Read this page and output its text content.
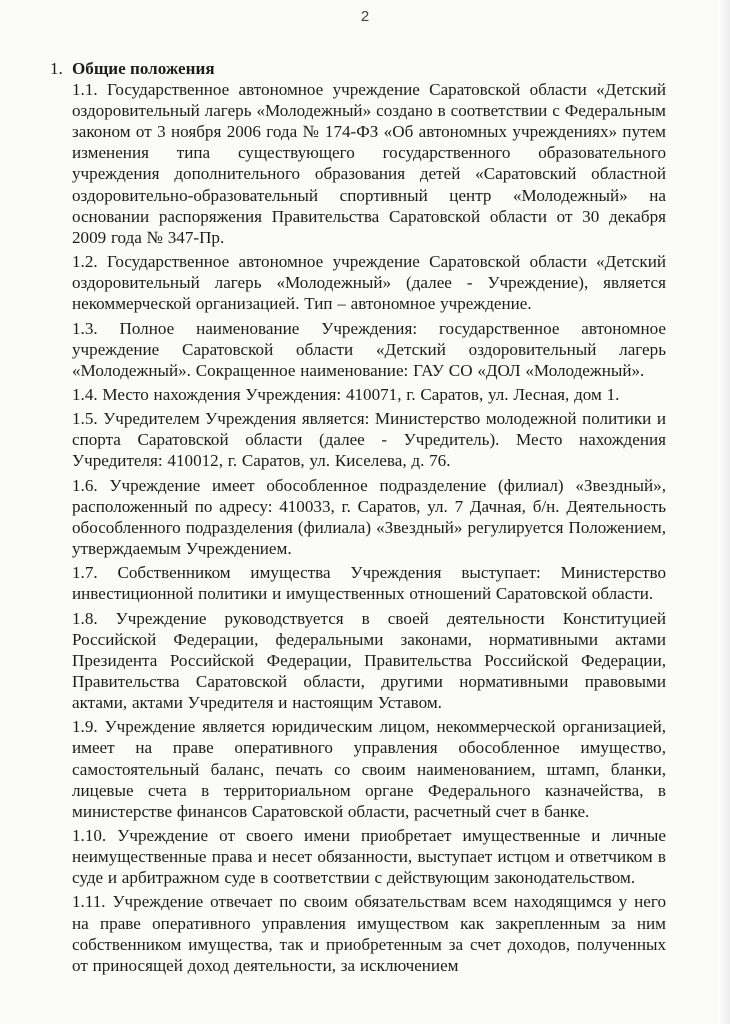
2
1. Общие положения

1.1. Государственное автономное учреждение Саратовской области «Детский оздоровительный лагерь «Молодежный» создано в соответствии с Федеральным законом от 3 ноября 2006 года № 174-ФЗ «Об автономных учреждениях» путем изменения типа существующего государственного образовательного учреждения дополнительного образования детей «Саратовский областной оздоровительно-образовательный спортивный центр «Молодежный» на основании распоряжения Правительства Саратовской области от 30 декабря 2009 года № 347-Пр.

1.2. Государственное автономное учреждение Саратовской области «Детский оздоровительный лагерь «Молодежный» (далее - Учреждение), является некоммерческой организацией. Тип – автономное учреждение.

1.3. Полное наименование Учреждения: государственное автономное учреждение Саратовской области «Детский оздоровительный лагерь «Молодежный». Сокращенное наименование: ГАУ СО «ДОЛ «Молодежный».

1.4. Место нахождения Учреждения: 410071, г. Саратов, ул. Лесная, дом 1.

1.5. Учредителем Учреждения является: Министерство молодежной политики и спорта Саратовской области (далее - Учредитель). Место нахождения Учредителя: 410012, г. Саратов, ул. Киселева, д. 76.

1.6. Учреждение имеет обособленное подразделение (филиал) «Звездный», расположенный по адресу: 410033, г. Саратов, ул. 7 Дачная, б/н. Деятельность обособленного подразделения (филиала) «Звездный» регулируется Положением, утверждаемым Учреждением.

1.7. Собственником имущества Учреждения выступает: Министерство инвестиционной политики и имущественных отношений Саратовской области.

1.8. Учреждение руководствуется в своей деятельности Конституцией Российской Федерации, федеральными законами, нормативными актами Президента Российской Федерации, Правительства Российской Федерации, Правительства Саратовской области, другими нормативными правовыми актами, актами Учредителя и настоящим Уставом.

1.9. Учреждение является юридическим лицом, некоммерческой организацией, имеет на праве оперативного управления обособленное имущество, самостоятельный баланс, печать со своим наименованием, штамп, бланки, лицевые счета в территориальном органе Федерального казначейства, в министерстве финансов Саратовской области, расчетный счет в банке.

1.10. Учреждение от своего имени приобретает имущественные и личные неимущественные права и несет обязанности, выступает истцом и ответчиком в суде и арбитражном суде в соответствии с действующим законодательством.

1.11. Учреждение отвечает по своим обязательствам всем находящимся у него на праве оперативного управления имуществом как закрепленным за ним собственником имущества, так и приобретенным за счет доходов, полученных от приносящей доход деятельности, за исключением
